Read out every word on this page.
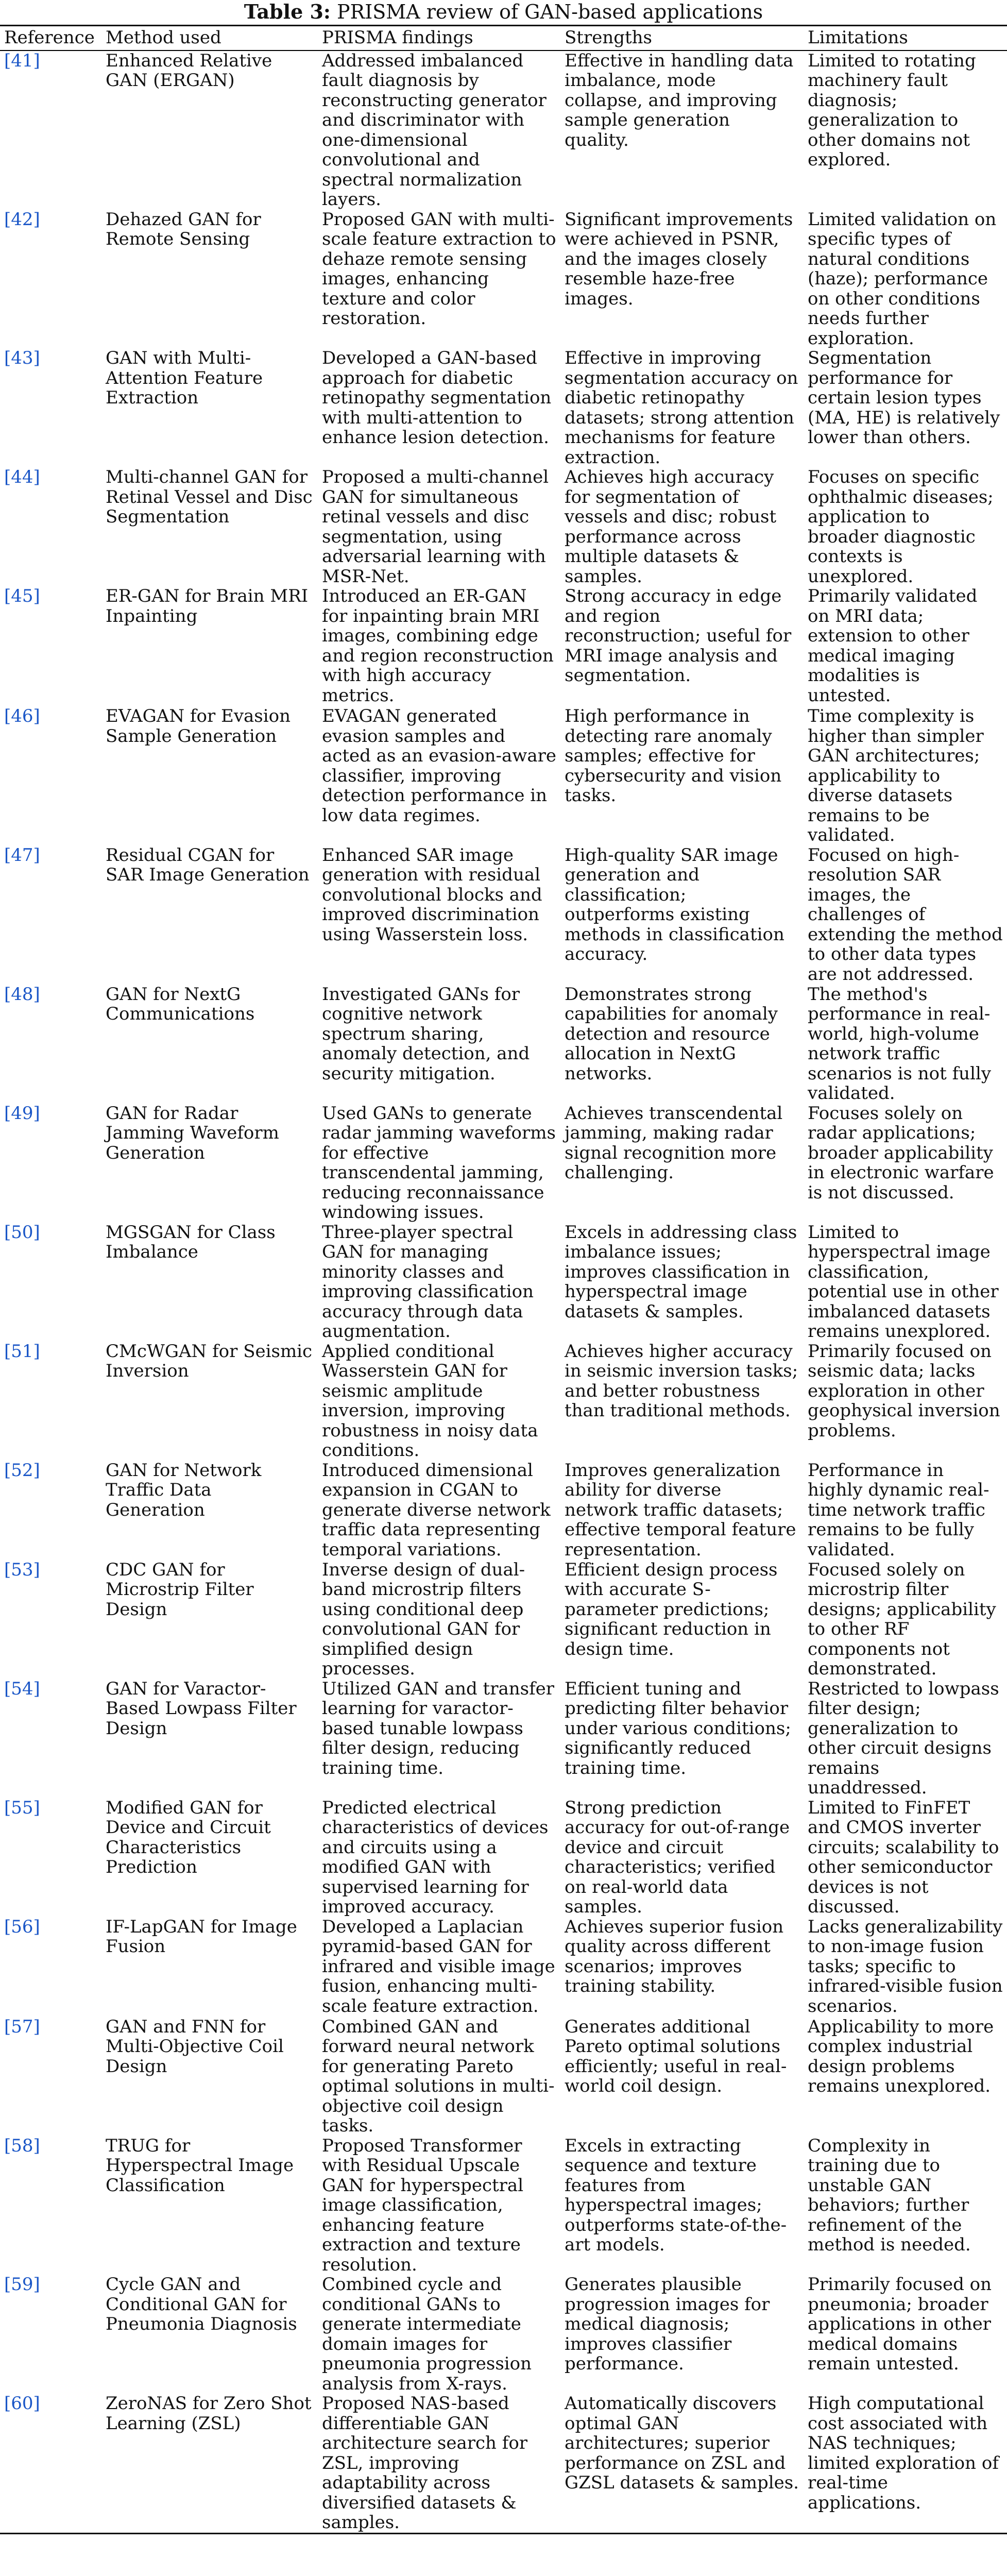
Table 3: PRISMA review of GAN-based applications
Reference	Method used	PRISMA findings	Strengths	Limitations
[41]	Enhanced Relative GAN (ERGAN)	Addressed imbalanced fault diagnosis by reconstructing generator and discriminator with one-dimensional convolutional and spectral normalization layers.	Effective in handling data imbalance, mode collapse, and improving sample generation quality.	Limited to rotating machinery fault diagnosis; generalization to other domains not explored.
[42]	Dehazed GAN for Remote Sensing	Proposed GAN with multi-scale feature extraction to dehaze remote sensing images, enhancing texture and color restoration.	Significant improvements were achieved in PSNR, and the images closely resemble haze-free images.	Limited validation on specific types of natural conditions (haze); performance on other conditions needs further exploration.
[43]	GAN with Multi-Attention Feature Extraction	Developed a GAN-based approach for diabetic retinopathy segmentation with multi-attention to enhance lesion detection.	Effective in improving segmentation accuracy on diabetic retinopathy datasets; strong attention mechanisms for feature extraction.	Segmentation performance for certain lesion types (MA, HE) is relatively lower than others.
[44]	Multi-channel GAN for Retinal Vessel and Disc Segmentation	Proposed a multi-channel GAN for simultaneous retinal vessels and disc segmentation, using adversarial learning with MSR-Net.	Achieves high accuracy for segmentation of vessels and disc; robust performance across multiple datasets & samples.	Focuses on specific ophthalmic diseases; application to broader diagnostic contexts is unexplored.
[45]	ER-GAN for Brain MRI Inpainting	Introduced an ER-GAN for inpainting brain MRI images, combining edge and region reconstruction with high accuracy metrics.	Strong accuracy in edge and region reconstruction; useful for MRI image analysis and segmentation.	Primarily validated on MRI data; extension to other medical imaging modalities is untested.
[46]	EVAGAN for Evasion Sample Generation	EVAGAN generated evasion samples and acted as an evasion-aware classifier, improving detection performance in low data regimes.	High performance in detecting rare anomaly samples; effective for cybersecurity and vision tasks.	Time complexity is higher than simpler GAN architectures; applicability to diverse datasets remains to be validated.
[47]	Residual CGAN for SAR Image Generation	Enhanced SAR image generation with residual convolutional blocks and improved discrimination using Wasserstein loss.	High-quality SAR image generation and classification; outperforms existing methods in classification accuracy.	Focused on high-resolution SAR images, the challenges of extending the method to other data types are not addressed.
[48]	GAN for NextG Communications	Investigated GANs for cognitive network spectrum sharing, anomaly detection, and security mitigation.	Demonstrates strong capabilities for anomaly detection and resource allocation in NextG networks.	The method's performance in real-world, high-volume network traffic scenarios is not fully validated.
[49]	GAN for Radar Jamming Waveform Generation	Used GANs to generate radar jamming waveforms for effective transcendental jamming, reducing reconnaissance windowing issues.	Achieves transcendental jamming, making radar signal recognition more challenging.	Focuses solely on radar applications; broader applicability in electronic warfare is not discussed.
[50]	MGSGAN for Class Imbalance	Three-player spectral GAN for managing minority classes and improving classification accuracy through data augmentation.	Excels in addressing class imbalance issues; improves classification in hyperspectral image datasets & samples.	Limited to hyperspectral image classification, potential use in other imbalanced datasets remains unexplored.
[51]	CMcWGAN for Seismic Inversion	Applied conditional Wasserstein GAN for seismic amplitude inversion, improving robustness in noisy data conditions.	Achieves higher accuracy in seismic inversion tasks; and better robustness than traditional methods.	Primarily focused on seismic data; lacks exploration in other geophysical inversion problems.
[52]	GAN for Network Traffic Data Generation	Introduced dimensional expansion in CGAN to generate diverse network traffic data representing temporal variations.	Improves generalization ability for diverse network traffic datasets; effective temporal feature representation.	Performance in highly dynamic real-time network traffic remains to be fully validated.
[53]	CDC GAN for Microstrip Filter Design	Inverse design of dual-band microstrip filters using conditional deep convolutional GAN for simplified design processes.	Efficient design process with accurate S-parameter predictions; significant reduction in design time.	Focused solely on microstrip filter designs; applicability to other RF components not demonstrated.
[54]	GAN for Varactor-Based Lowpass Filter Design	Utilized GAN and transfer learning for varactor-based tunable lowpass filter design, reducing training time.	Efficient tuning and predicting filter behavior under various conditions; significantly reduced training time.	Restricted to lowpass filter design; generalization to other circuit designs remains unaddressed.
[55]	Modified GAN for Device and Circuit Characteristics Prediction	Predicted electrical characteristics of devices and circuits using a modified GAN with supervised learning for improved accuracy.	Strong prediction accuracy for out-of-range device and circuit characteristics; verified on real-world data samples.	Limited to FinFET and CMOS inverter circuits; scalability to other semiconductor devices is not discussed.
[56]	IF-LapGAN for Image Fusion	Developed a Laplacian pyramid-based GAN for infrared and visible image fusion, enhancing multi-scale feature extraction.	Achieves superior fusion quality across different scenarios; improves training stability.	Lacks generalizability to non-image fusion tasks; specific to infrared-visible fusion scenarios.
[57]	GAN and FNN for Multi-Objective Coil Design	Combined GAN and forward neural network for generating Pareto optimal solutions in multi-objective coil design tasks.	Generates additional Pareto optimal solutions efficiently; useful in real-world coil design.	Applicability to more complex industrial design problems remains unexplored.
[58]	TRUG for Hyperspectral Image Classification	Proposed Transformer with Residual Upscale GAN for hyperspectral image classification, enhancing feature extraction and texture resolution.	Excels in extracting sequence and texture features from hyperspectral images; outperforms state-of-the-art models.	Complexity in training due to unstable GAN behaviors; further refinement of the method is needed.
[59]	Cycle GAN and Conditional GAN for Pneumonia Diagnosis	Combined cycle and conditional GANs to generate intermediate domain images for pneumonia progression analysis from X-rays.	Generates plausible progression images for medical diagnosis; improves classifier performance.	Primarily focused on pneumonia; broader applications in other medical domains remain untested.
[60]	ZeroNAS for Zero Shot Learning (ZSL)	Proposed NAS-based differentiable GAN architecture search for ZSL, improving adaptability across diversified datasets & samples.	Automatically discovers optimal GAN architectures; superior performance on ZSL and GZSL datasets & samples.	High computational cost associated with NAS techniques; limited exploration of real-time applications.
